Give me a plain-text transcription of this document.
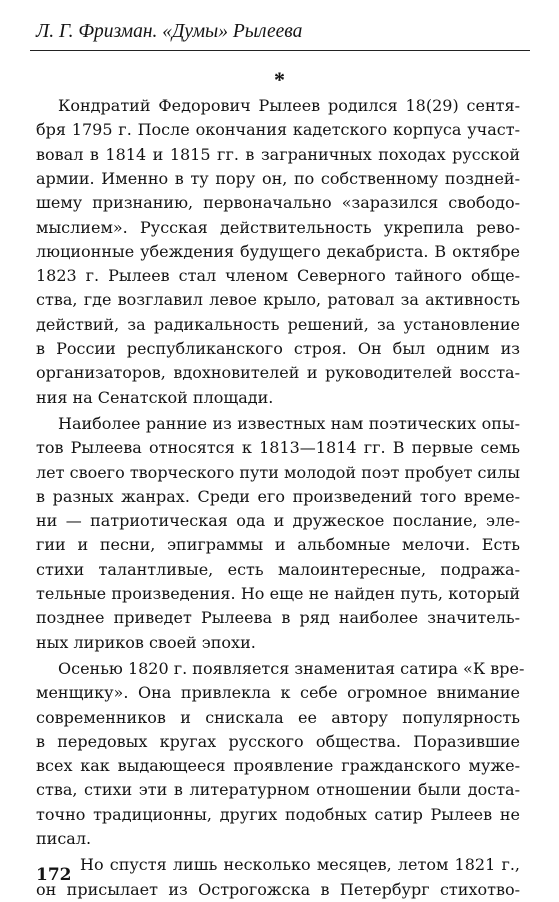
Л. Г. Фризман. «Думы» Рылеева
*
Кондратий Федорович Рылеев родился 18(29) сентя-
бря 1795 г. После окончания кадетского корпуса участ-
вовал в 1814 и 1815 гг. в заграничных походах русской
армии. Именно в ту пору он, по собственному поздней-
шему признанию, первоначально «заразился свободо-
мыслием». Русская действительность укрепила рево-
люционные убеждения будущего декабриста. В октябре
1823 г. Рылеев стал членом Северного тайного обще-
ства, где возглавил левое крыло, ратовал за активность
действий, за радикальность решений, за установление
в России республиканского строя. Он был одним из
организаторов, вдохновителей и руководителей восста-
ния на Сенатской площади.
Наиболее ранние из известных нам поэтических опы-
тов Рылеева относятся к 1813—1814 гг. В первые семь
лет своего творческого пути молодой поэт пробует силы
в разных жанрах. Среди его произведений того време-
ни — патриотическая ода и дружеское послание, эле-
гии и песни, эпиграммы и альбомные мелочи. Есть
стихи талантливые, есть малоинтересные, подража-
тельные произведения. Но еще не найден путь, который
позднее приведет Рылеева в ряд наиболее значитель-
ных лириков своей эпохи.
Осенью 1820 г. появляется знаменитая сатира «К вре-
менщику». Она привлекла к себе огромное внимание
современников и снискала ее автору популярность
в передовых кругах русского общества. Поразившие
всех как выдающееся проявление гражданского муже-
ства, стихи эти в литературном отношении были доста-
точно традиционны, других подобных сатир Рылеев не
писал.
Но спустя лишь несколько месяцев, летом 1821 г.,
он присылает из Острогожска в Петербург стихотво-
172
